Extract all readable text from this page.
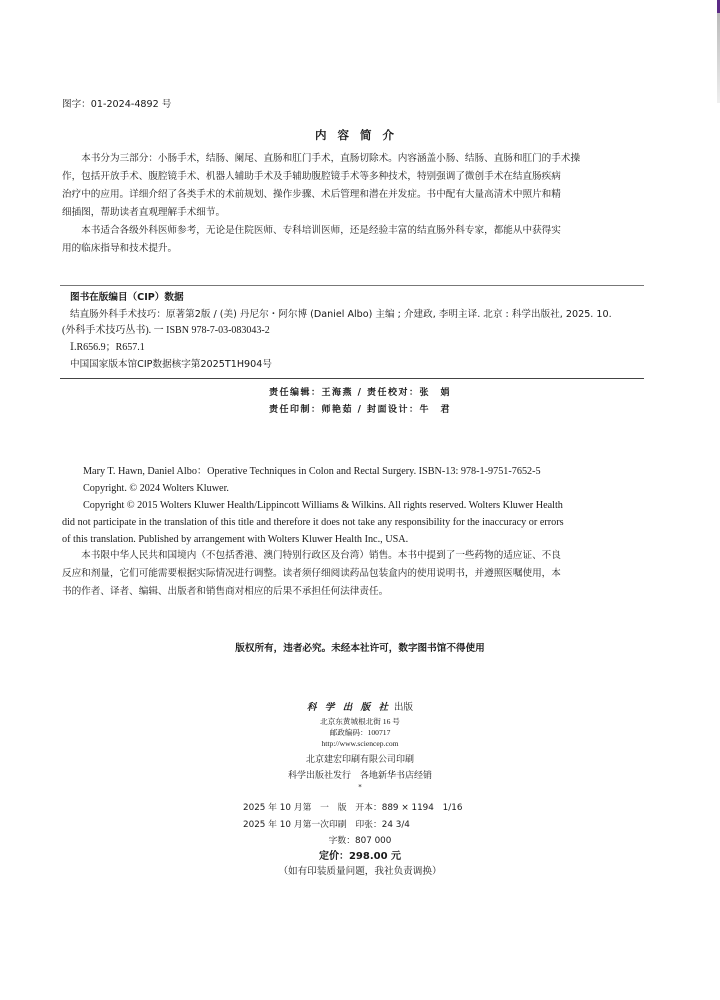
图字：01-2024-4892 号
内容简介
　　本书分为三部分：小肠手术，结肠、阑尾、直肠和肛门手术，直肠切除术。内容涵盖小肠、结肠、直肠和肛门的手术操
作，包括开放手术、腹腔镜手术、机器人辅助手术及手辅助腹腔镜手术等多种技术，特别强调了微创手术在结直肠疾病
治疗中的应用。详细介绍了各类手术的术前规划、操作步骤、术后管理和潜在并发症。书中配有大量高清术中照片和精
细插图，帮助读者直观理解手术细节。
　　本书适合各级外科医师参考，无论是住院医师、专科培训医师，还是经验丰富的结直肠外科专家，都能从中获得实
用的临床指导和技术提升。
图书在版编目（CIP）数据
结直肠外科手术技巧：原著第2版 / (美) 丹尼尔・阿尔博 (Daniel Albo) 主编 ; 介建政, 李明主译. 北京 : 科学出版社, 2025. 10.
(外科手术技巧丛书). 一 ISBN 978-7-03-083043-2
Ⅰ.R656.9；R657.1
中国国家版本馆CIP数据核字第2025T1H904号
责任编辑：王海燕 / 责任校对：张　娟
责任印制：师艳茹 / 封面设计：牛　君
Mary T. Hawn, Daniel Albo：Operative Techniques in Colon and Rectal Surgery. ISBN-13: 978-1-9751-7652-5
Copyright. © 2024 Wolters Kluwer.
Copyright © 2015 Wolters Kluwer Health/Lippincott Williams & Wilkins. All rights reserved. Wolters Kluwer Health
did not participate in the translation of this title and therefore it does not take any responsibility for the inaccuracy or errors
of this translation. Published by arrangement with Wolters Kluwer Health Inc., USA.
　　本书限中华人民共和国境内（不包括香港、澳门特别行政区及台湾）销售。本书中提到了一些药物的适应证、不良
反应和剂量，它们可能需要根据实际情况进行调整。读者须仔细阅读药品包装盒内的使用说明书，并遵照医嘱使用，本
书的作者、译者、编辑、出版者和销售商对相应的后果不承担任何法律责任。
版权所有，违者必究。未经本社许可，数字图书馆不得使用
科 学 出 版 社 出版
北京东黄城根北街 16 号
邮政编码：100717
http://www.sciencep.com
北京建宏印刷有限公司印刷
科学出版社发行　各地新华书店经销
*
2025 年 10 月第　一　版　开本：889 × 1194　1/16
2025 年 10 月第一次印刷　印张：24 3/4
字数：807 000
定价：298.00 元
（如有印装质量问题，我社负责调换）
